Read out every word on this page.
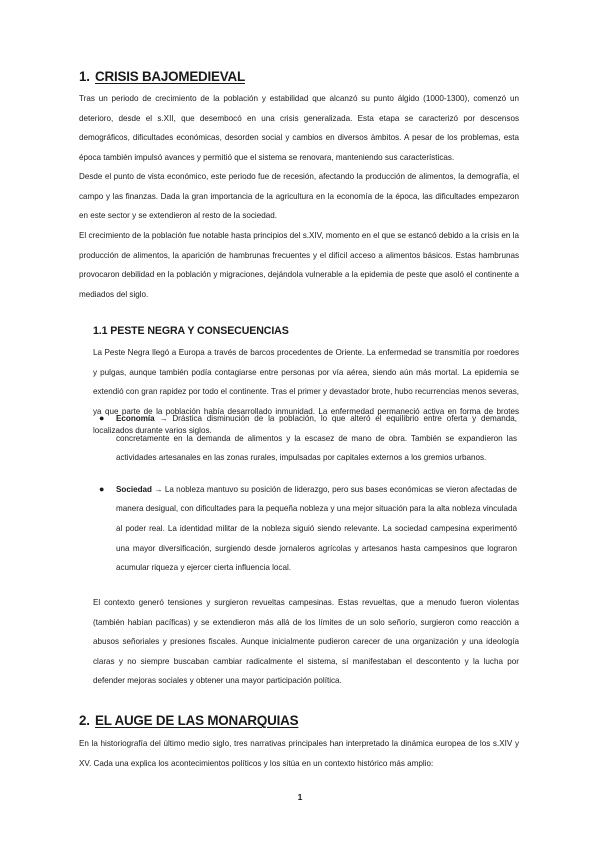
1. CRISIS BAJOMEDIEVAL

Tras un periodo de crecimiento de la población y estabilidad que alcanzó su punto álgido (1000-1300), comenzó un deterioro, desde el s.XII, que desembocó en una crisis generalizada. Esta etapa se caracterizó por descensos demográficos, dificultades económicas, desorden social y cambios en diversos ámbitos. A pesar de los problemas, esta época también impulsó avances y permitió que el sistema se renovara, manteniendo sus características.

Desde el punto de vista económico, este periodo fue de recesión, afectando la producción de alimentos, la demografía, el campo y las finanzas. Dada la gran importancia de la agricultura en la economía de la época, las dificultades empezaron en este sector y se extendieron al resto de la sociedad.

El crecimiento de la población fue notable hasta principios del s.XIV, momento en el que se estancó debido a la crisis en la producción de alimentos, la aparición de hambrunas frecuentes y el difícil acceso a alimentos básicos. Estas hambrunas provocaron debilidad en la población y migraciones, dejándola vulnerable a la epidemia de peste que asoló el continente a mediados del siglo.

1.1 PESTE NEGRA Y CONSECUENCIAS

La Peste Negra llegó a Europa a través de barcos procedentes de Oriente. La enfermedad se transmitía por roedores y pulgas, aunque también podía contagiarse entre personas por vía aérea, siendo aún más mortal. La epidemia se extendió con gran rapidez por todo el continente. Tras el primer y devastador brote, hubo recurrencias menos severas, ya que parte de la población había desarrollado inmunidad. La enfermedad permaneció activa en forma de brotes localizados durante varios siglos.

● Economía → Drástica disminución de la población, lo que alteró el equilibrio entre oferta y demanda, concretamente en la demanda de alimentos y la escasez de mano de obra. También se expandieron las actividades artesanales en las zonas rurales, impulsadas por capitales externos a los gremios urbanos.
● Sociedad → La nobleza mantuvo su posición de liderazgo, pero sus bases económicas se vieron afectadas de manera desigual, con dificultades para la pequeña nobleza y una mejor situación para la alta nobleza vinculada al poder real. La identidad militar de la nobleza siguió siendo relevante. La sociedad campesina experimentó una mayor diversificación, surgiendo desde jornaleros agrícolas y artesanos hasta campesinos que lograron acumular riqueza y ejercer cierta influencia local.

El contexto generó tensiones y surgieron revueltas campesinas. Estas revueltas, que a menudo fueron violentas (también habían pacíficas) y se extendieron más allá de los límites de un solo señorío, surgieron como reacción a abusos señoriales y presiones fiscales. Aunque inicialmente pudieron carecer de una organización y una ideología claras y no siempre buscaban cambiar radicalmente el sistema, sí manifestaban el descontento y la lucha por defender mejoras sociales y obtener una mayor participación política.

2. EL AUGE DE LAS MONARQUIAS

En la historiografía del último medio siglo, tres narrativas principales han interpretado la dinámica europea de los s.XIV y XV. Cada una explica los acontecimientos políticos y los sitúa en un contexto histórico más amplio:

1
